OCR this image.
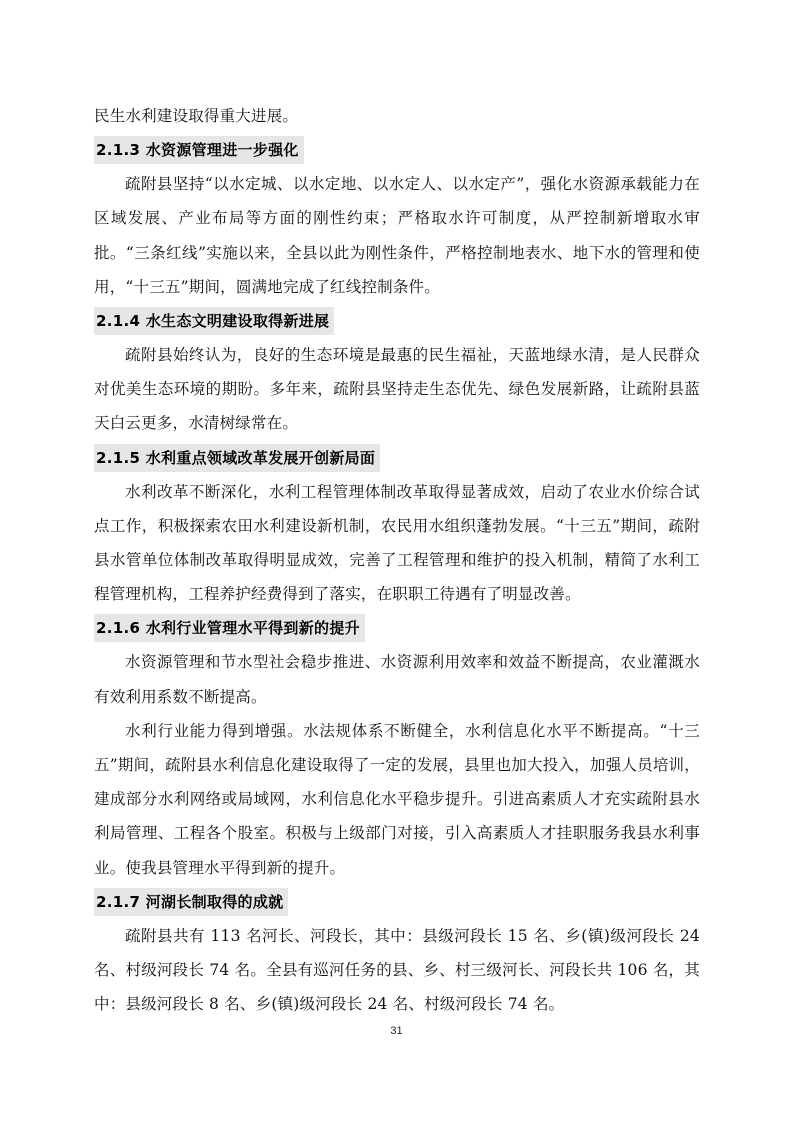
民生水利建设取得重大进展。

2.1.3 水资源管理进一步强化

疏附县坚持“以水定城、以水定地、以水定人、以水定产”，强化水资源承载能力在区域发展、产业布局等方面的刚性约束；严格取水许可制度，从严控制新增取水审批。“三条红线”实施以来，全县以此为刚性条件，严格控制地表水、地下水的管理和使用，“十三五”期间，圆满地完成了红线控制条件。

2.1.4 水生态文明建设取得新进展

疏附县始终认为，良好的生态环境是最惠的民生福祉，天蓝地绿水清，是人民群众对优美生态环境的期盼。多年来，疏附县坚持走生态优先、绿色发展新路，让疏附县蓝天白云更多，水清树绿常在。

2.1.5 水利重点领域改革发展开创新局面

水利改革不断深化，水利工程管理体制改革取得显著成效，启动了农业水价综合试点工作，积极探索农田水利建设新机制，农民用水组织蓬勃发展。“十三五”期间，疏附县水管单位体制改革取得明显成效，完善了工程管理和维护的投入机制，精简了水利工程管理机构，工程养护经费得到了落实，在职职工待遇有了明显改善。

2.1.6 水利行业管理水平得到新的提升

水资源管理和节水型社会稳步推进、水资源利用效率和效益不断提高，农业灌溉水有效利用系数不断提高。

水利行业能力得到增强。水法规体系不断健全，水利信息化水平不断提高。“十三五”期间，疏附县水利信息化建设取得了一定的发展，县里也加大投入，加强人员培训，建成部分水利网络或局域网，水利信息化水平稳步提升。引进高素质人才充实疏附县水利局管理、工程各个股室。积极与上级部门对接，引入高素质人才挂职服务我县水利事业。使我县管理水平得到新的提升。

2.1.7 河湖长制取得的成就

疏附县共有 113 名河长、河段长，其中：县级河段长 15 名、乡(镇)级河段长 24 名、村级河段长 74 名。全县有巡河任务的县、乡、村三级河长、河段长共 106 名，其中：县级河段长 8 名、乡(镇)级河段长 24 名、村级河段长 74 名。

31
